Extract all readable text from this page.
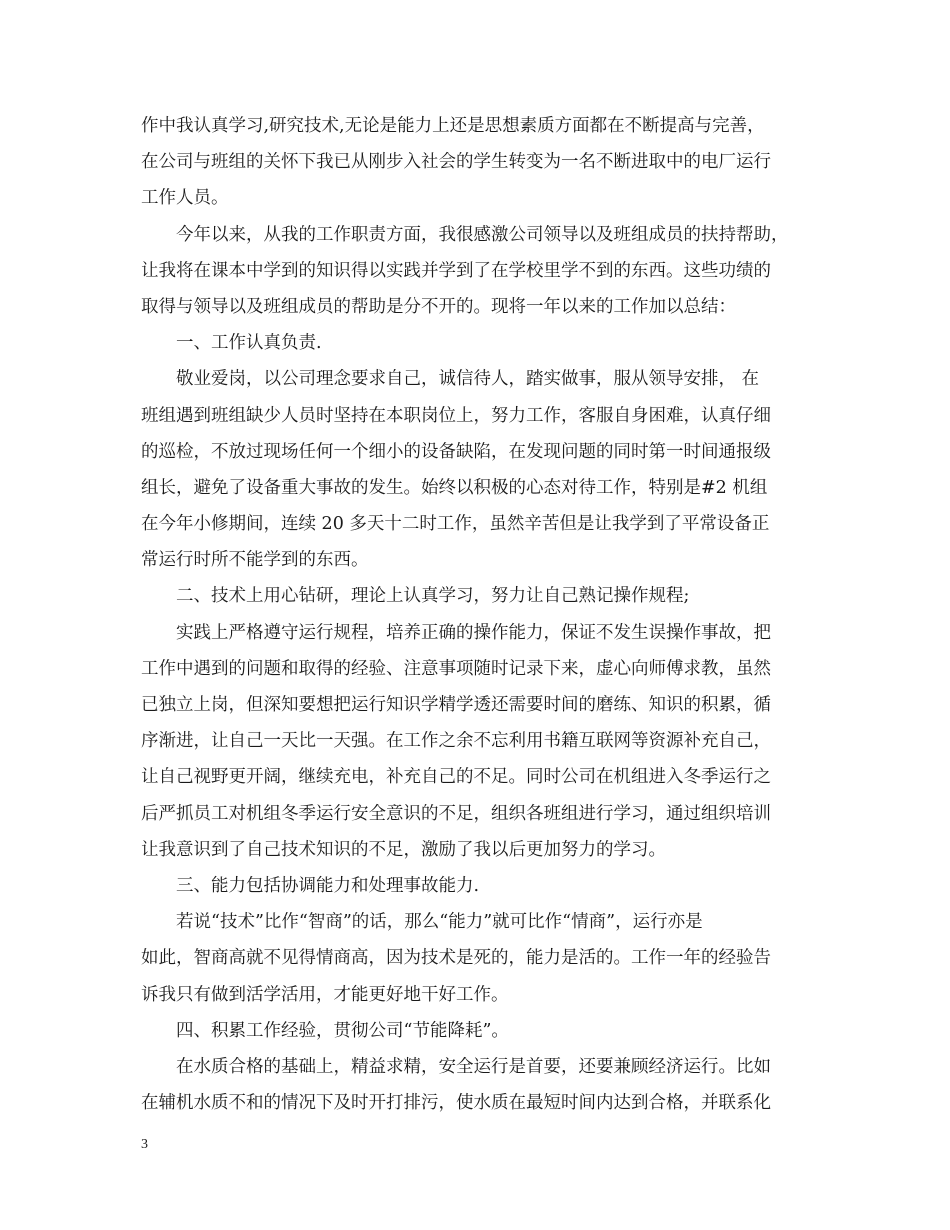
作中我认真学习,研究技术,无论是能力上还是思想素质方面都在不断提高与完善，
在公司与班组的关怀下我已从刚步入社会的学生转变为一名不断进取中的电厂运行
工作人员。
今年以来，从我的工作职责方面，我很感激公司领导以及班组成员的扶持帮助，
让我将在课本中学到的知识得以实践并学到了在学校里学不到的东西。这些功绩的
取得与领导以及班组成员的帮助是分不开的。现将一年以来的工作加以总结：
一、工作认真负责.
敬业爱岗，以公司理念要求自己，诚信待人，踏实做事，服从领导安排， 在
班组遇到班组缺少人员时坚持在本职岗位上，努力工作，客服自身困难，认真仔细
的巡检，不放过现场任何一个细小的设备缺陷，在发现问题的同时第一时间通报级
组长，避免了设备重大事故的发生。始终以积极的心态对待工作，特别是#2 机组
在今年小修期间，连续 20 多天十二时工作，虽然辛苦但是让我学到了平常设备正
常运行时所不能学到的东西。
二、技术上用心钻研，理论上认真学习，努力让自己熟记操作规程;
实践上严格遵守运行规程，培养正确的操作能力，保证不发生误操作事故，把
工作中遇到的问题和取得的经验、注意事项随时记录下来，虚心向师傅求教，虽然
已独立上岗，但深知要想把运行知识学精学透还需要时间的磨练、知识的积累，循
序渐进，让自己一天比一天强。在工作之余不忘利用书籍互联网等资源补充自己，
让自己视野更开阔，继续充电，补充自己的不足。同时公司在机组进入冬季运行之
后严抓员工对机组冬季运行安全意识的不足，组织各班组进行学习，通过组织培训
让我意识到了自己技术知识的不足，激励了我以后更加努力的学习。
三、能力包括协调能力和处理事故能力.
若说“技术”比作“智商”的话，那么“能力”就可比作“情商”，运行亦是
如此，智商高就不见得情商高，因为技术是死的，能力是活的。工作一年的经验告
诉我只有做到活学活用，才能更好地干好工作。
四、积累工作经验，贯彻公司“节能降耗”。
在水质合格的基础上，精益求精，安全运行是首要，还要兼顾经济运行。比如
在辅机水质不和的情况下及时开打排污，使水质在最短时间内达到合格，并联系化
3
